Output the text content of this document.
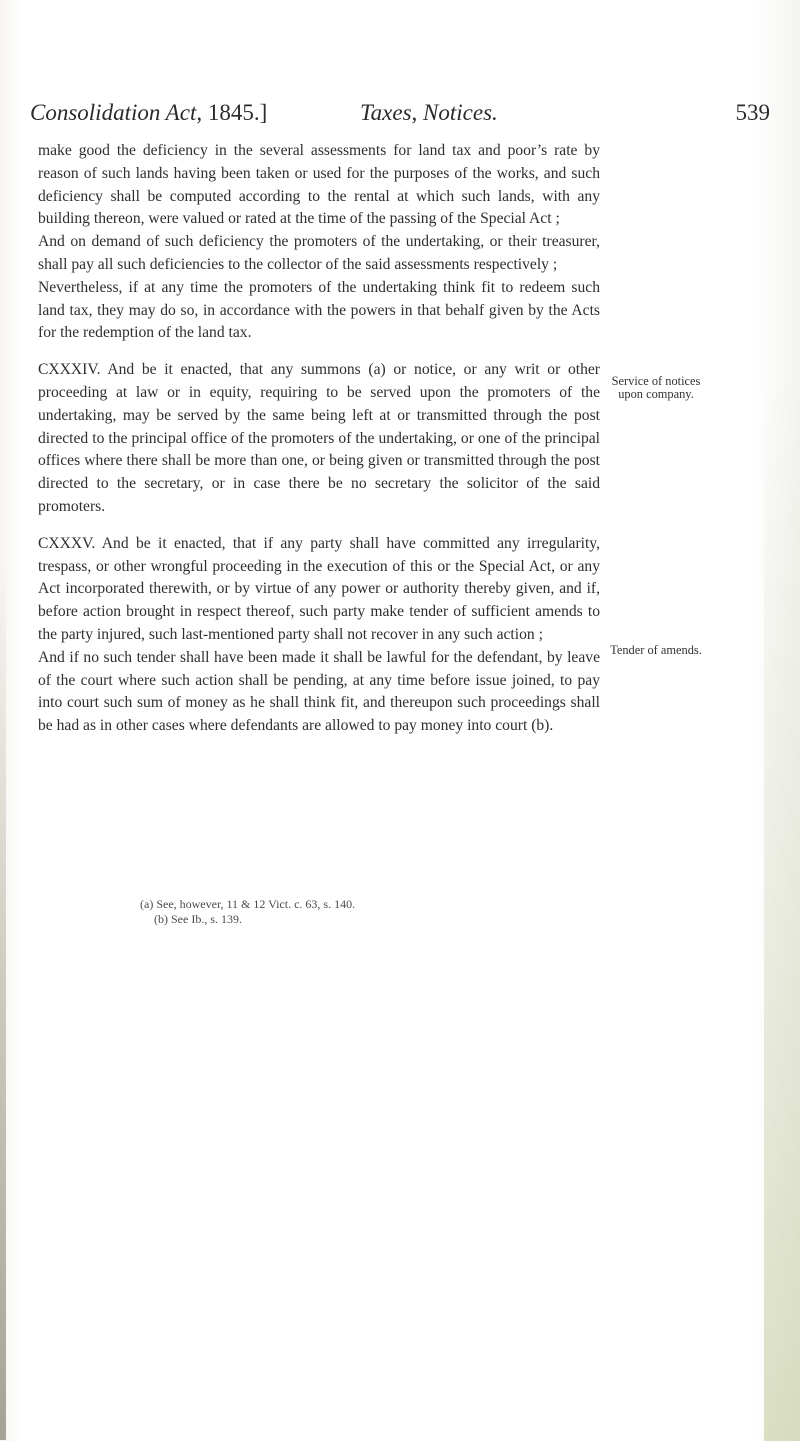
Consolidation Act, 1845.]	Taxes, Notices.	539

make good the deficiency in the several assessments for land tax and poor’s rate by reason of such lands having been taken or used for the purposes of the works, and such deficiency shall be computed according to the rental at which such lands, with any building thereon, were valued or rated at the time of the passing of the Special Act ;

And on demand of such deficiency the promoters of the undertaking, or their treasurer, shall pay all such deficiencies to the collector of the said assessments respectively ;

Nevertheless, if at any time the promoters of the undertaking think fit to redeem such land tax, they may do so, in accordance with the powers in that behalf given by the Acts for the redemption of the land tax.

CXXXIV. And be it enacted, that any summons (a) or notice, or any writ or other proceeding at law or in equity, requiring to be served upon the promoters of the undertaking, may be served by the same being left at or transmitted through the post directed to the principal office of the promoters of the undertaking, or one of the principal offices where there shall be more than one, or being given or transmitted through the post directed to the secretary, or in case there be no secretary the solicitor of the said promoters.

CXXXV. And be it enacted, that if any party shall have committed any irregularity, trespass, or other wrongful proceeding in the execution of this or the Special Act, or any Act incorporated therewith, or by virtue of any power or authority thereby given, and if, before action brought in respect thereof, such party make tender of sufficient amends to the party injured, such last-mentioned party shall not recover in any such action ;

And if no such tender shall have been made it shall be lawful for the defendant, by leave of the court where such action shall be pending, at any time before issue joined, to pay into court such sum of money as he shall think fit, and thereupon such proceedings shall be had as in other cases where defendants are allowed to pay money into court (b).

Service of notices upon company.
Tender of amends.

(a) See, however, 11 & 12 Vict. c. 63, s. 140.

(b) See Ib., s. 139.
